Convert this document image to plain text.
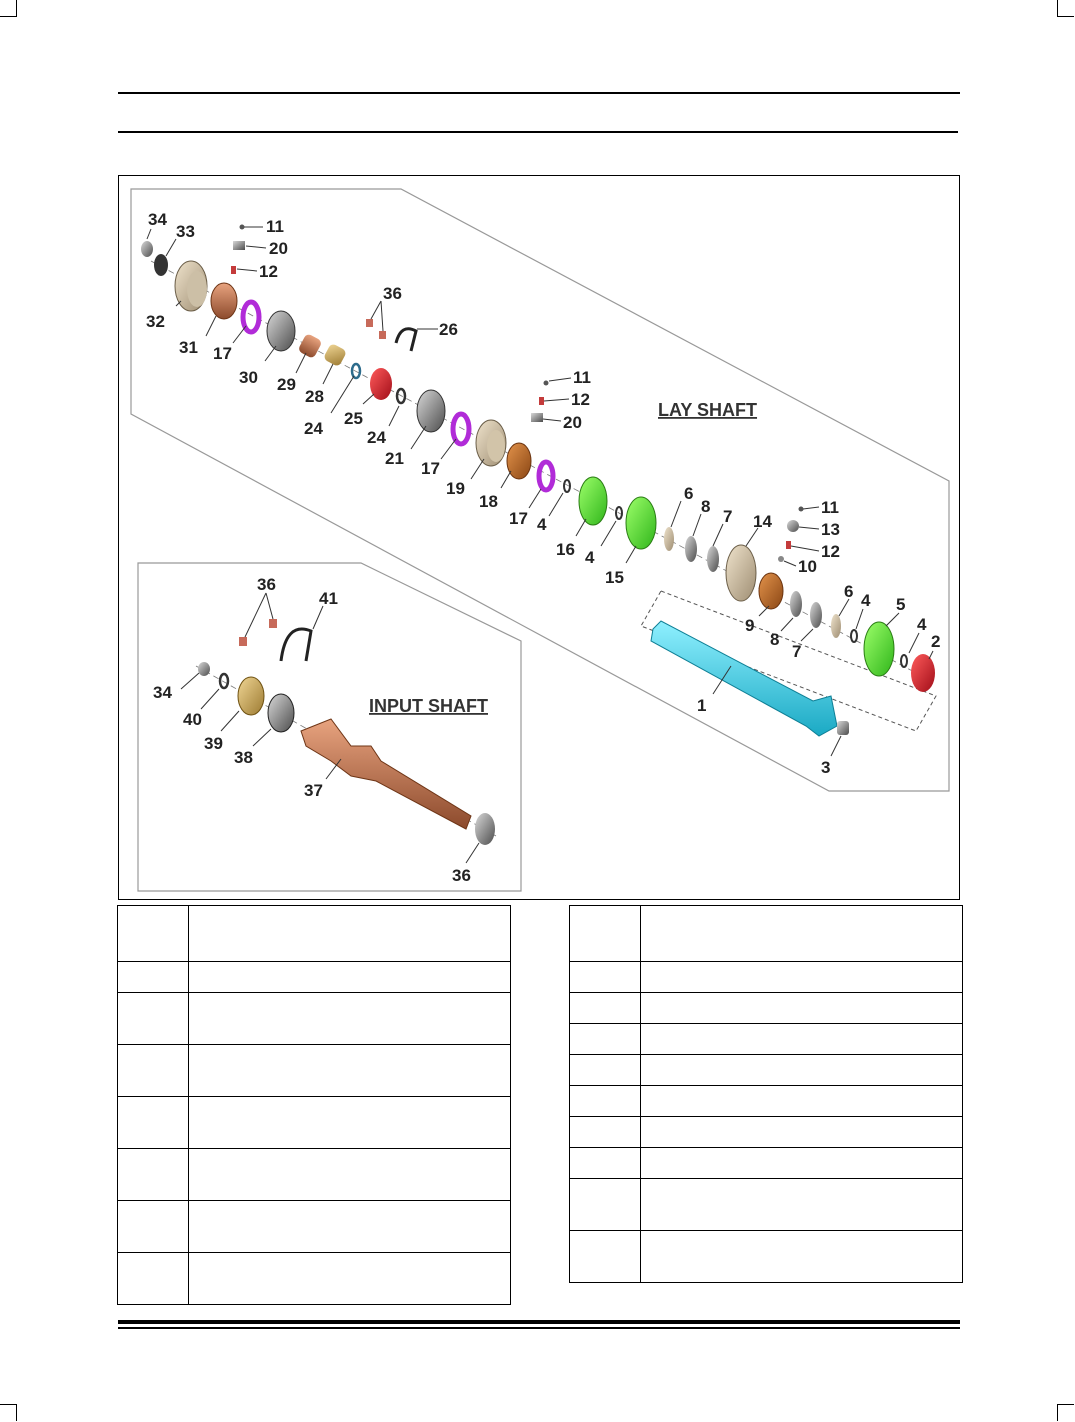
34
33	11
20
12
32
31 17
30 29
28
24
25
24
21
17
19
18
17 4
16 4
15
6
8
7 14
11
13
12
10
9
8
7
6 4 5
4
2
1
3
36
26
11
12
20
36
41
34
40
39
38
37
36
LAY SHAFT
INPUT SHAFT
